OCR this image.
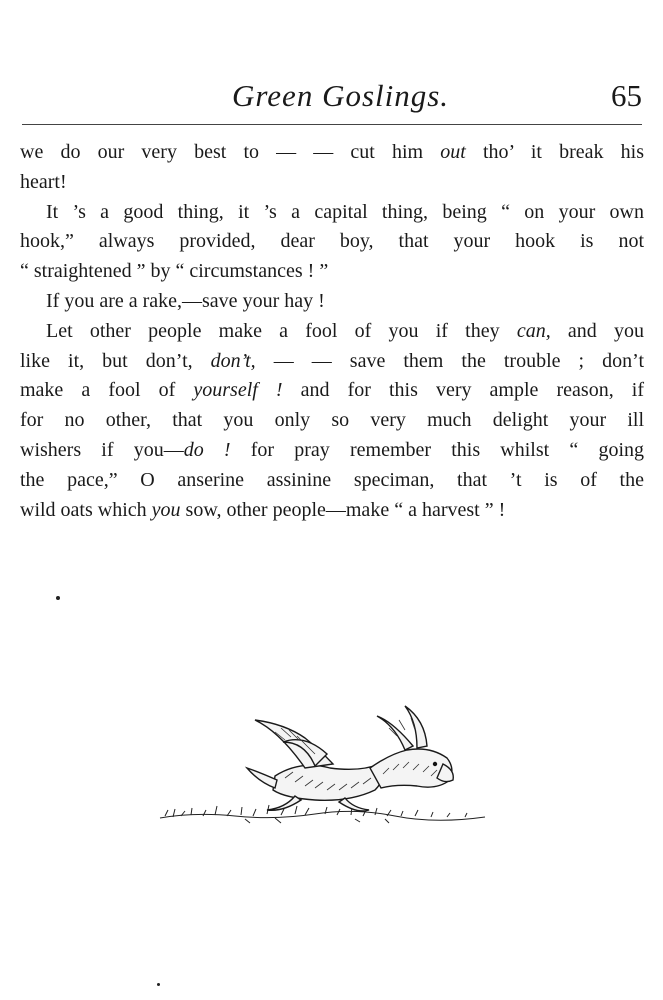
Green Goslings.	65
we do our very best to — — cut him out tho’ it break his
heart!
It ’s a good thing, it ’s a capital thing, being “ on your own
hook,” always provided, dear boy, that your hook is not
“ straightened ” by “ circumstances ! ”
If you are a rake,—save your hay !
Let other people make a fool of you if they can, and you
like it, but don’t, don’t, — — save them the trouble ; don’t
make a fool of yourself ! and for this very ample reason, if
for no other, that you only so very much delight your ill
wishers if you—do ! for pray remember this whilst “ going
the pace,” O anserine assinine speciman, that ’t is of the
wild oats which you sow, other people—make “ a harvest ” !
